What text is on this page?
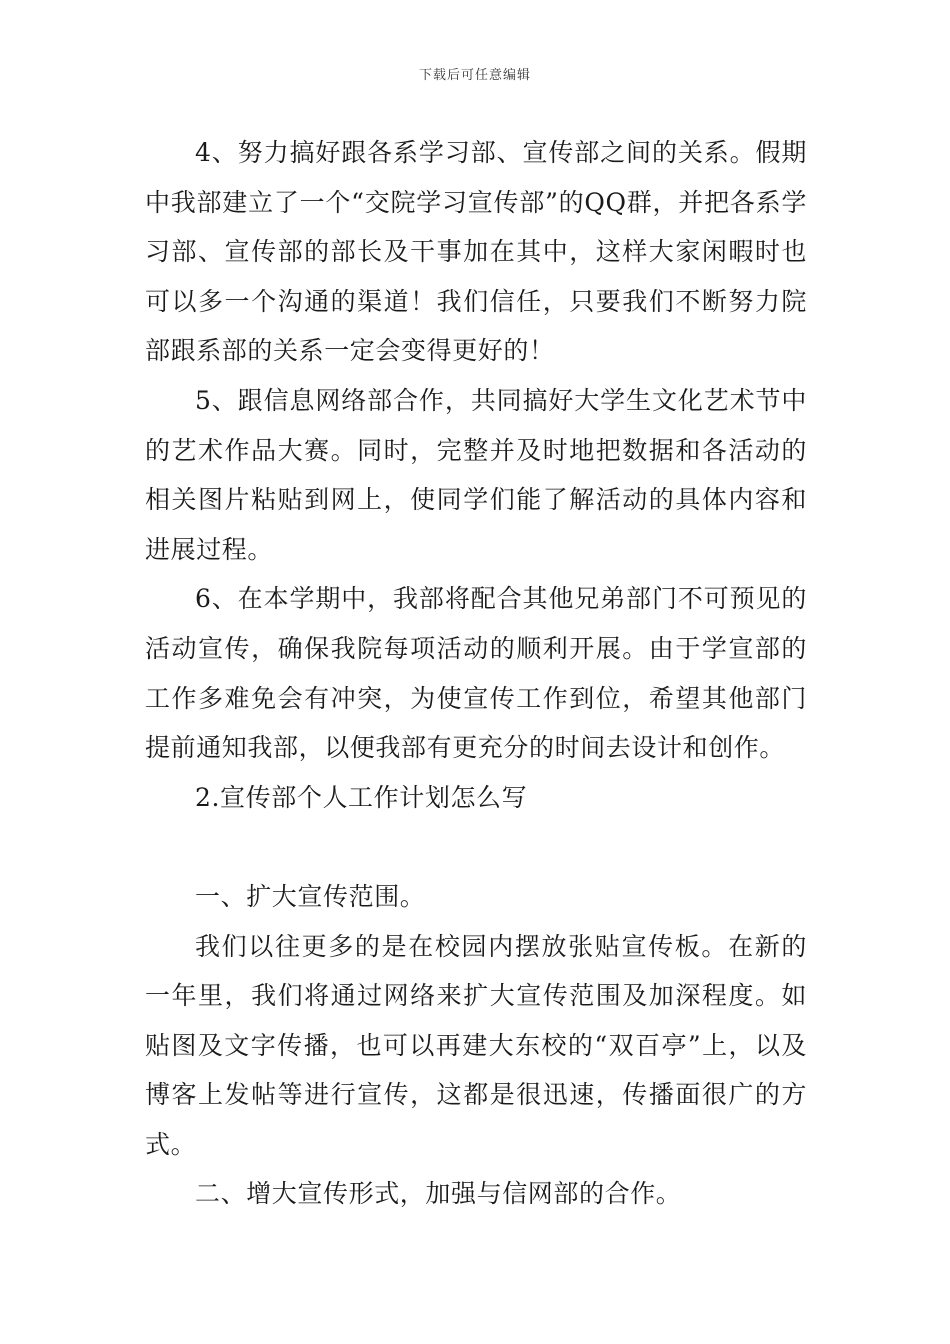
下载后可任意编辑

4、努力搞好跟各系学习部、宣传部之间的关系。假期中我部建立了一个“交院学习宣传部”的QQ群，并把各系学习部、宣传部的部长及干事加在其中，这样大家闲暇时也可以多一个沟通的渠道！我们信任，只要我们不断努力院部跟系部的关系一定会变得更好的！

5、跟信息网络部合作，共同搞好大学生文化艺术节中的艺术作品大赛。同时，完整并及时地把数据和各活动的相关图片粘贴到网上，使同学们能了解活动的具体内容和进展过程。

6、在本学期中，我部将配合其他兄弟部门不可预见的活动宣传，确保我院每项活动的顺利开展。由于学宣部的工作多难免会有冲突，为使宣传工作到位，希望其他部门提前通知我部，以便我部有更充分的时间去设计和创作。

2.宣传部个人工作计划怎么写

一、扩大宣传范围。

我们以往更多的是在校园内摆放张贴宣传板。在新的一年里，我们将通过网络来扩大宣传范围及加深程度。如贴图及文字传播，也可以再建大东校的“双百亭”上，以及博客上发帖等进行宣传，这都是很迅速，传播面很广的方式。

二、增大宣传形式，加强与信网部的合作。
